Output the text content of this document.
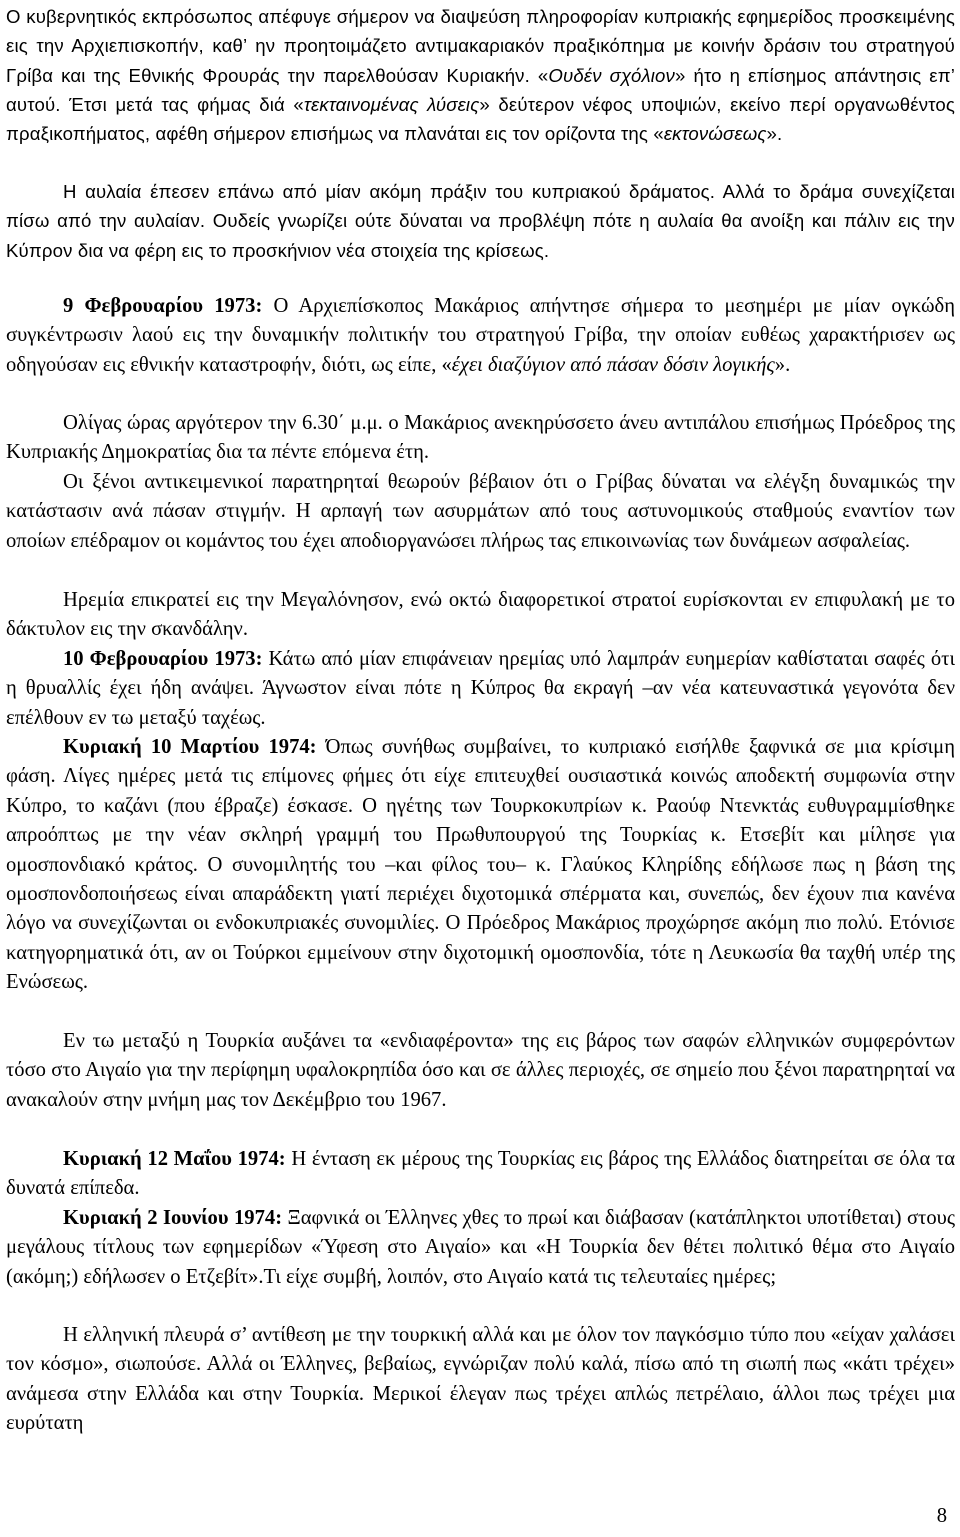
Ο κυβερνητικός εκπρόσωπος απέφυγε σήμερον να διαψεύση πληροφορίαν κυπριακής εφημερίδος προσκειμένης εις την Αρχιεπισκοπήν, καθ’ ην προητοιμάζετο αντιμακαριακόν πραξικόπημα με κοινήν δράσιν του στρατηγού Γρίβα και της Εθνικής Φρουράς την παρελθούσαν Κυριακήν. «Ουδέν σχόλιον» ήτο η επίσημος απάντησις επ’ αυτού. Έτσι μετά τας φήμας διά «τεκταινομένας λύσεις» δεύτερον νέφος υποψιών, εκείνο περί οργανωθέντος πραξικοπήματος, αφέθη σήμερον επισήμως να πλανάται εις τον ορίζοντα της «εκτονώσεως».

Η αυλαία έπεσεν επάνω από μίαν ακόμη πράξιν του κυπριακού δράματος. Αλλά το δράμα συνεχίζεται πίσω από την αυλαίαν. Ουδείς γνωρίζει ούτε δύναται να προβλέψη πότε η αυλαία θα ανοίξη και πάλιν εις την Κύπρον δια να φέρη εις το προσκήνιον νέα στοιχεία της κρίσεως.

9 Φεβρουαρίου 1973: Ο Αρχιεπίσκοπος Μακάριος απήντησε σήμερα το μεσημέρι με μίαν ογκώδη συγκέντρωσιν λαού εις την δυναμικήν πολιτικήν του στρατηγού Γρίβα, την οποίαν ευθέως χαρακτήρισεν ως οδηγούσαν εις εθνικήν καταστροφήν, διότι, ως είπε, «έχει διαζύγιον από πάσαν δόσιν λογικής».

Ολίγας ώρας αργότερον την 6.30΄ μ.μ. ο Μακάριος ανεκηρύσσετο άνευ αντιπάλου επισήμως Πρόεδρος της Κυπριακής Δημοκρατίας δια τα πέντε επόμενα έτη.

Οι ξένοι αντικειμενικοί παρατηρηταί θεωρούν βέβαιον ότι ο Γρίβας δύναται να ελέγξη δυναμικώς την κατάστασιν ανά πάσαν στιγμήν. Η αρπαγή των ασυρμάτων από τους αστυνομικούς σταθμούς εναντίον των οποίων επέδραμον οι κομάντος του έχει αποδιοργανώσει πλήρως τας επικοινωνίας των δυνάμεων ασφαλείας.

Ηρεμία επικρατεί εις την Μεγαλόνησον, ενώ οκτώ διαφορετικοί στρατοί ευρίσκονται εν επιφυλακή με το δάκτυλον εις την σκανδάλην.

10 Φεβρουαρίου 1973: Κάτω από μίαν επιφάνειαν ηρεμίας υπό λαμπράν ευημερίαν καθίσταται σαφές ότι η θρυαλλίς έχει ήδη ανάψει. Άγνωστον είναι πότε η Κύπρος θα εκραγή –αν νέα κατευναστικά γεγονότα δεν επέλθουν εν τω μεταξύ ταχέως.

Κυριακή 10 Μαρτίου 1974: Όπως συνήθως συμβαίνει, το κυπριακό εισήλθε ξαφνικά σε μια κρίσιμη φάση. Λίγες ημέρες μετά τις επίμονες φήμες ότι είχε επιτευχθεί ουσιαστικά κοινώς αποδεκτή συμφωνία στην Κύπρο, το καζάνι (που έβραζε) έσκασε. Ο ηγέτης των Τουρκοκυπρίων κ. Ραούφ Ντενκτάς ευθυγραμμίσθηκε απροόπτως με την νέαν σκληρή γραμμή του Πρωθυπουργού της Τουρκίας κ. Ετσεβίτ και μίλησε για ομοσπονδιακό κράτος. Ο συνομιλητής του –και φίλος του– κ. Γλαύκος Κληρίδης εδήλωσε πως η βάση της ομοσπονδοποιήσεως είναι απαράδεκτη γιατί περιέχει διχοτομικά σπέρματα και, συνεπώς, δεν έχουν πια κανένα λόγο να συνεχίζωνται οι ενδοκυπριακές συνομιλίες. Ο Πρόεδρος Μακάριος προχώρησε ακόμη πιο πολύ. Ετόνισε κατηγορηματικά ότι, αν οι Τούρκοι εμμείνουν στην διχοτομική ομοσπονδία, τότε η Λευκωσία θα ταχθή υπέρ της Ενώσεως.

Εν τω μεταξύ η Τουρκία αυξάνει τα «ενδιαφέροντα» της εις βάρος των σαφών ελληνικών συμφερόντων τόσο στο Αιγαίο για την περίφημη υφαλοκρηπίδα όσο και σε άλλες περιοχές, σε σημείο που ξένοι παρατηρηταί να ανακαλούν στην μνήμη μας τον Δεκέμβριο του 1967.

Κυριακή 12 Μαΐου 1974: Η ένταση εκ μέρους της Τουρκίας εις βάρος της Ελλάδος διατηρείται σε όλα τα δυνατά επίπεδα.

Κυριακή 2 Ιουνίου 1974: Ξαφνικά οι Έλληνες χθες το πρωί και διάβασαν (κατάπληκτοι υποτίθεται) στους μεγάλους τίτλους των εφημερίδων «Ύφεση στο Αιγαίο» και «Η Τουρκία δεν θέτει πολιτικό θέμα στο Αιγαίο (ακόμη;) εδήλωσεν ο Ετζεβίτ».Τι είχε συμβή, λοιπόν, στο Αιγαίο κατά τις τελευταίες ημέρες;

Η ελληνική πλευρά σ’ αντίθεση με την τουρκική αλλά και με όλον τον παγκόσμιο τύπο που «είχαν χαλάσει τον κόσμο», σιωπούσε. Αλλά οι Έλληνες, βεβαίως, εγνώριζαν πολύ καλά, πίσω από τη σιωπή πως «κάτι τρέχει» ανάμεσα στην Ελλάδα και στην Τουρκία. Μερικοί έλεγαν πως τρέχει απλώς πετρέλαιο, άλλοι πως τρέχει μια ευρύτατη

8
